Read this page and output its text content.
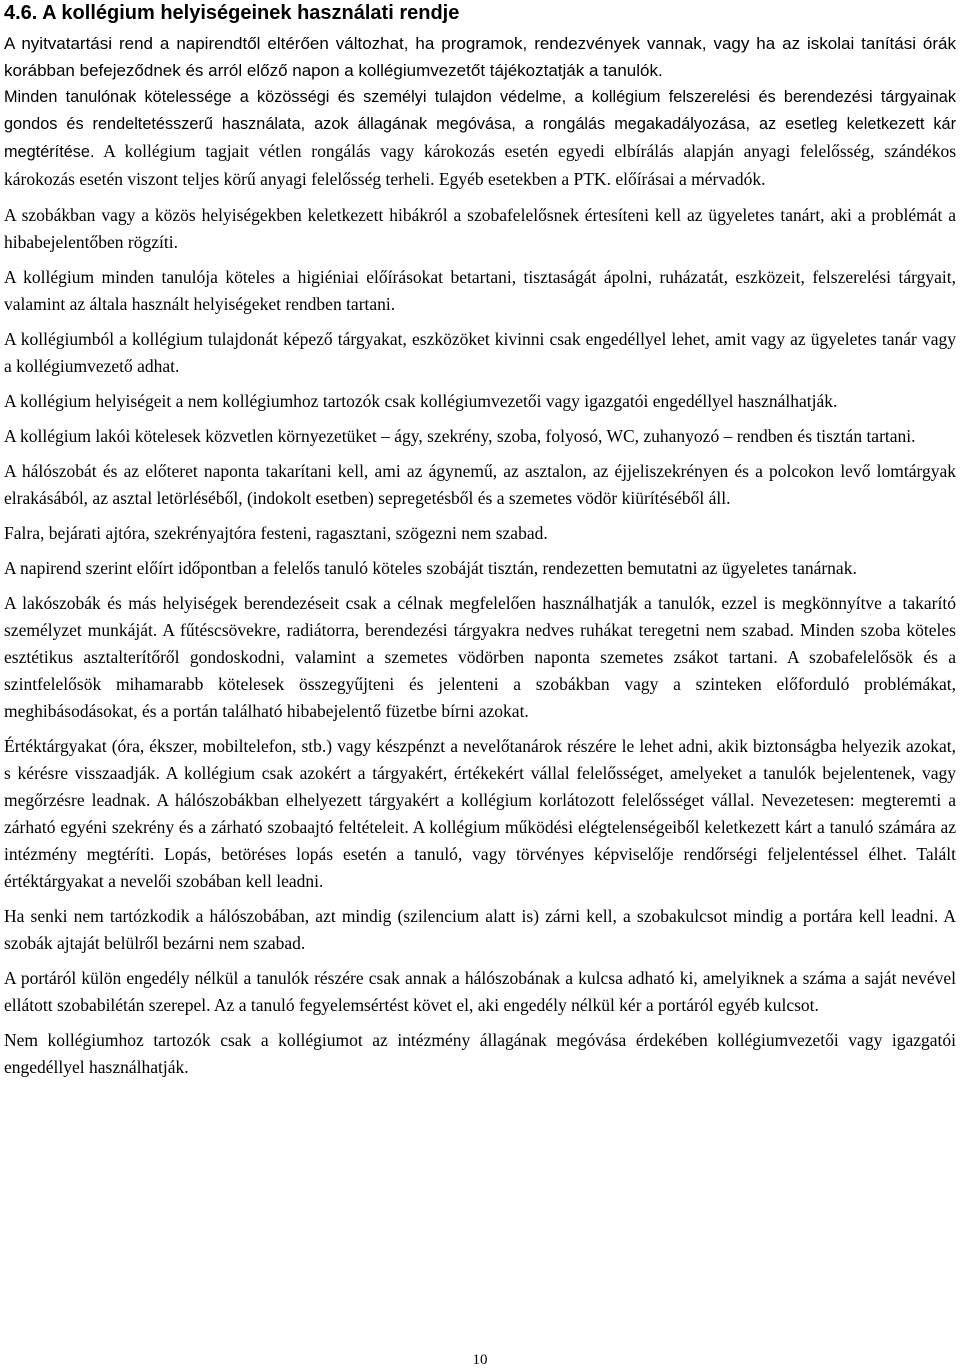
4.6. A kollégium helyiségeinek használati rendje

A nyitvatartási rend a napirendtől eltérően változhat, ha programok, rendezvények vannak, vagy ha az iskolai tanítási órák korábban befejeződnek és arról előző napon a kollégiumvezetőt tájékoztatják a tanulók.

Minden tanulónak kötelessége a közösségi és személyi tulajdon védelme, a kollégium felszerelési és berendezési tárgyainak gondos és rendeltetésszerű használata, azok állagának megóvása, a rongálás megakadályozása, az esetleg keletkezett kár megtérítése. A kollégium tagjait vétlen rongálás vagy károkozás esetén egyedi elbírálás alapján anyagi felelősség, szándékos károkozás esetén viszont teljes körű anyagi felelősség terheli. Egyéb esetekben a PTK. előírásai a mérvadók.

A szobákban vagy a közös helyiségekben keletkezett hibákról a szobafelelősnek értesíteni kell az ügyeletes tanárt, aki a problémát a hibabejelentőben rögzíti.

A kollégium minden tanulója köteles a higiéniai előírásokat betartani, tisztaságát ápolni, ruházatát, eszközeit, felszerelési tárgyait, valamint az általa használt helyiségeket rendben tartani.

A kollégiumból a kollégium tulajdonát képező tárgyakat, eszközöket kivinni csak engedéllyel lehet, amit vagy az ügyeletes tanár vagy a kollégiumvezető adhat.

A kollégium helyiségeit a nem kollégiumhoz tartozók csak kollégiumvezetői vagy igazgatói engedéllyel használhatják.

A kollégium lakói kötelesek közvetlen környezetüket – ágy, szekrény, szoba, folyosó, WC, zuhanyozó – rendben és tisztán tartani.

A hálószobát és az előteret naponta takarítani kell, ami az ágynemű, az asztalon, az éjjeliszekrényen és a polcokon levő lomtárgyak elrakásából, az asztal letörléséből, (indokolt esetben) sepregetésből és a szemetes vödör kiürítéséből áll.

Falra, bejárati ajtóra, szekrényajtóra festeni, ragasztani, szögezni nem szabad.

A napirend szerint előírt időpontban a felelős tanuló köteles szobáját tisztán, rendezetten bemutatni az ügyeletes tanárnak.

A lakószobák és más helyiségek berendezéseit csak a célnak megfelelően használhatják a tanulók, ezzel is megkönnyítve a takarító személyzet munkáját. A fűtéscsövekre, radiátorra, berendezési tárgyakra nedves ruhákat teregetni nem szabad. Minden szoba köteles esztétikus asztalterítőről gondoskodni, valamint a szemetes vödörben naponta szemetes zsákot tartani. A szobafelelősök és a szintfelelősök mihamarabb kötelesek összegyűjteni és jelenteni a szobákban vagy a szinteken előforduló problémákat, meghibásodásokat, és a portán található hibabejelentő füzetbe bírni azokat.

Értéktárgyakat (óra, ékszer, mobiltelefon, stb.) vagy készpénzt a nevelőtanárok részére le lehet adni, akik biztonságba helyezik azokat, s kérésre visszaadják. A kollégium csak azokért a tárgyakért, értékekért vállal felelősséget, amelyeket a tanulók bejelentenek, vagy megőrzésre leadnak. A hálószobákban elhelyezett tárgyakért a kollégium korlátozott felelősséget vállal. Nevezetesen: megteremti a zárható egyéni szekrény és a zárható szobaajtó feltételeit. A kollégium működési elégtelenségeiből keletkezett kárt a tanuló számára az intézmény megtéríti. Lopás, betöréses lopás esetén a tanuló, vagy törvényes képviselője rendőrségi feljelentéssel élhet. Talált értéktárgyakat a nevelői szobában kell leadni.

Ha senki nem tartózkodik a hálószobában, azt mindig (szilencium alatt is) zárni kell, a szobakulcsot mindig a portára kell leadni. A szobák ajtaját belülről bezárni nem szabad.

A portáról külön engedély nélkül a tanulók részére csak annak a hálószobának a kulcsa adható ki, amelyiknek a száma a saját nevével ellátott szobabilétán szerepel. Az a tanuló fegyelemsértést követ el, aki engedély nélkül kér a portáról egyéb kulcsot.

Nem kollégiumhoz tartozók csak a kollégiumot az intézmény állagának megóvása érdekében kollégiumvezetői vagy igazgatói engedéllyel használhatják.

10
